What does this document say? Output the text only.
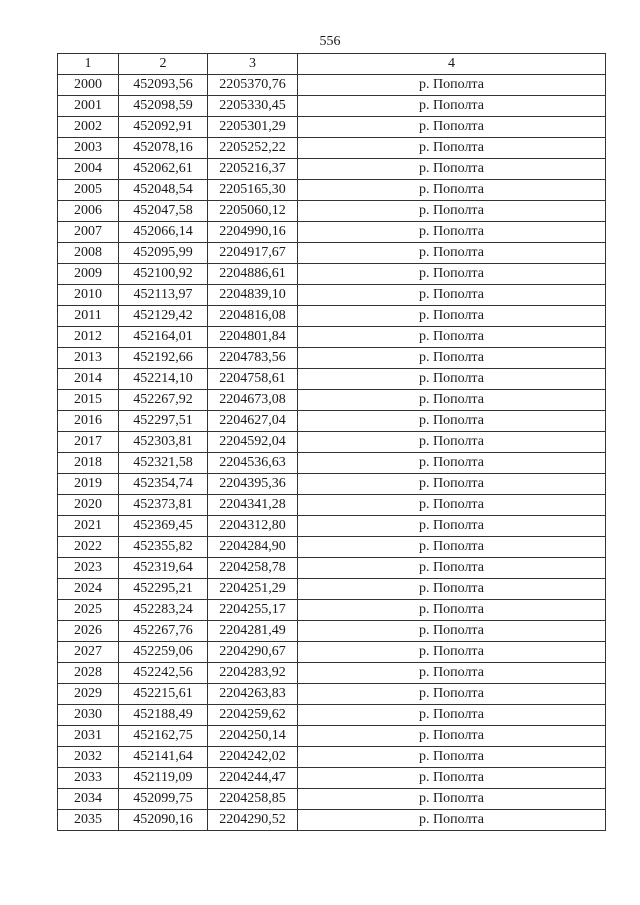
556
1	2	3	4
2000	452093,56	2205370,76	р. Пополта
2001	452098,59	2205330,45	р. Пополта
2002	452092,91	2205301,29	р. Пополта
2003	452078,16	2205252,22	р. Пополта
2004	452062,61	2205216,37	р. Пополта
2005	452048,54	2205165,30	р. Пополта
2006	452047,58	2205060,12	р. Пополта
2007	452066,14	2204990,16	р. Пополта
2008	452095,99	2204917,67	р. Пополта
2009	452100,92	2204886,61	р. Пополта
2010	452113,97	2204839,10	р. Пополта
2011	452129,42	2204816,08	р. Пополта
2012	452164,01	2204801,84	р. Пополта
2013	452192,66	2204783,56	р. Пополта
2014	452214,10	2204758,61	р. Пополта
2015	452267,92	2204673,08	р. Пополта
2016	452297,51	2204627,04	р. Пополта
2017	452303,81	2204592,04	р. Пополта
2018	452321,58	2204536,63	р. Пополта
2019	452354,74	2204395,36	р. Пополта
2020	452373,81	2204341,28	р. Пополта
2021	452369,45	2204312,80	р. Пополта
2022	452355,82	2204284,90	р. Пополта
2023	452319,64	2204258,78	р. Пополта
2024	452295,21	2204251,29	р. Пополта
2025	452283,24	2204255,17	р. Пополта
2026	452267,76	2204281,49	р. Пополта
2027	452259,06	2204290,67	р. Пополта
2028	452242,56	2204283,92	р. Пополта
2029	452215,61	2204263,83	р. Пополта
2030	452188,49	2204259,62	р. Пополта
2031	452162,75	2204250,14	р. Пополта
2032	452141,64	2204242,02	р. Пополта
2033	452119,09	2204244,47	р. Пополта
2034	452099,75	2204258,85	р. Пополта
2035	452090,16	2204290,52	р. Пополта
